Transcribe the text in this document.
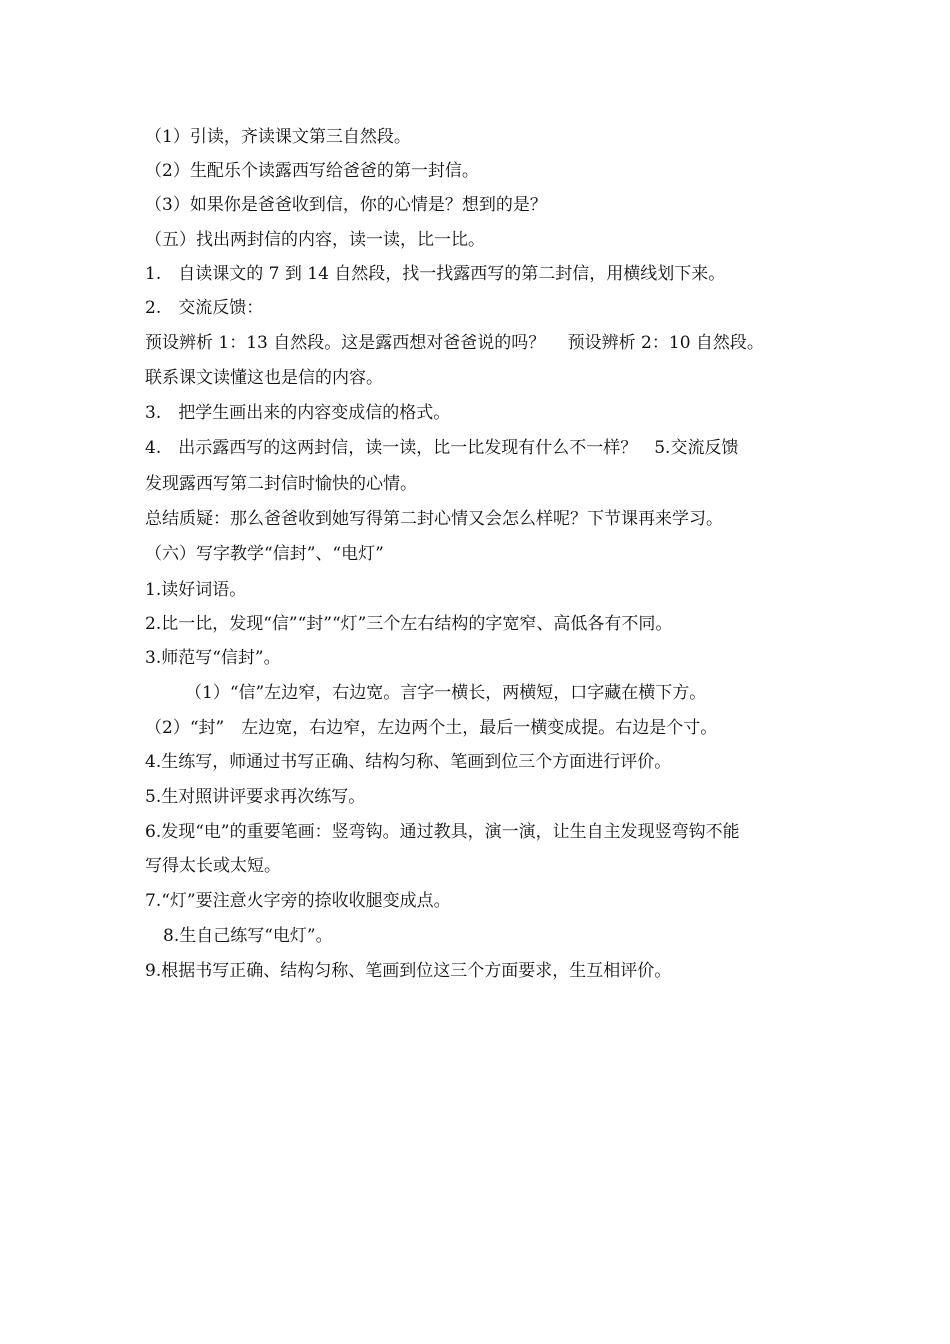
（1）引读，齐读课文第三自然段。
（2）生配乐个读露西写给爸爸的第一封信。
（3）如果你是爸爸收到信，你的心情是？想到的是？
（五）找出两封信的内容，读一读，比一比。
1.　自读课文的 7 到 14 自然段，找一找露西写的第二封信，用横线划下来。
2.　交流反馈：
预设辨析 1：13 自然段。这是露西想对爸爸说的吗？　 预设辨析 2：10 自然段。
联系课文读懂这也是信的内容。
3.　把学生画出来的内容变成信的格式。
4.　出示露西写的这两封信，读一读，比一比发现有什么不一样？　5.交流反馈
发现露西写第二封信时愉快的心情。
总结质疑：那么爸爸收到她写得第二封心情又会怎么样呢？下节课再来学习。
（六）写字教学“信封”、“电灯”
1.读好词语。
2.比一比，发现“信”“封”“灯”三个左右结构的字宽窄、高低各有不同。
3.师范写“信封”。
（1）“信”左边窄，右边宽。言字一横长，两横短，口字藏在横下方。
（2）“封”　左边宽，右边窄，左边两个土，最后一横变成提。右边是个寸。
4.生练写，师通过书写正确、结构匀称、笔画到位三个方面进行评价。
5.生对照讲评要求再次练写。
6.发现“电”的重要笔画：竖弯钩。通过教具，演一演，让生自主发现竖弯钩不能
写得太长或太短。
7.“灯”要注意火字旁的捺收收腿变成点。
8.生自己练写“电灯”。
9.根据书写正确、结构匀称、笔画到位这三个方面要求，生互相评价。
